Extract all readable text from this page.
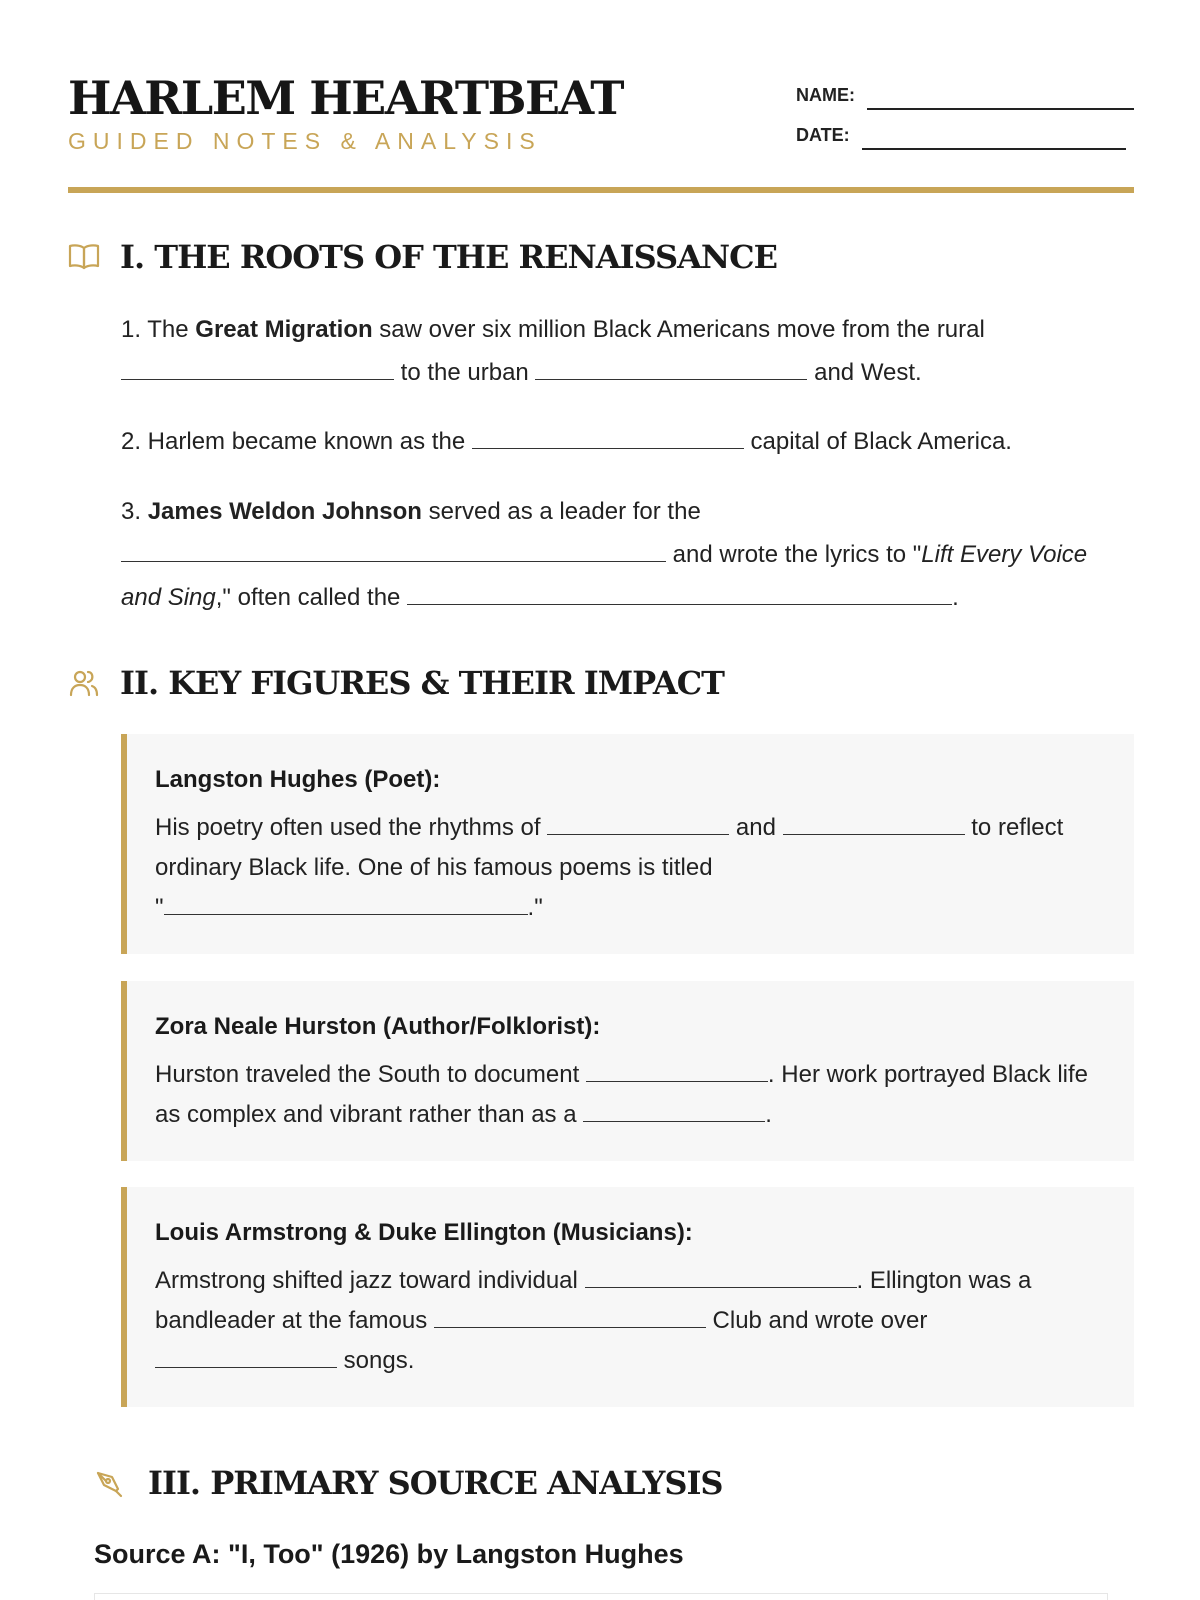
HARLEM HEARTBEAT
GUIDED NOTES & ANALYSIS
NAME:
DATE:
I. THE ROOTS OF THE RENAISSANCE
1. The Great Migration saw over six million Black Americans move from the rural
to the urban	and West.
2. Harlem became known as the	capital of Black America.
3. James Weldon Johnson served as a leader for the
and wrote the lyrics to "Lift Every Voice
and Sing," often called the	.
II. KEY FIGURES & THEIR IMPACT
Langston Hughes (Poet):
His poetry often used the rhythms of	and	to reflect ordinary Black life. One of his famous poems is titled
"	."
Zora Neale Hurston (Author/Folklorist):
Hurston traveled the South to document	. Her work portrayed Black life as complex and vibrant rather than as a	.
Louis Armstrong & Duke Ellington (Musicians):
Armstrong shifted jazz toward individual	. Ellington was a bandleader at the famous	Club and wrote over
songs.
III. PRIMARY SOURCE ANALYSIS
Source A: "I, Too" (1926) by Langston Hughes
